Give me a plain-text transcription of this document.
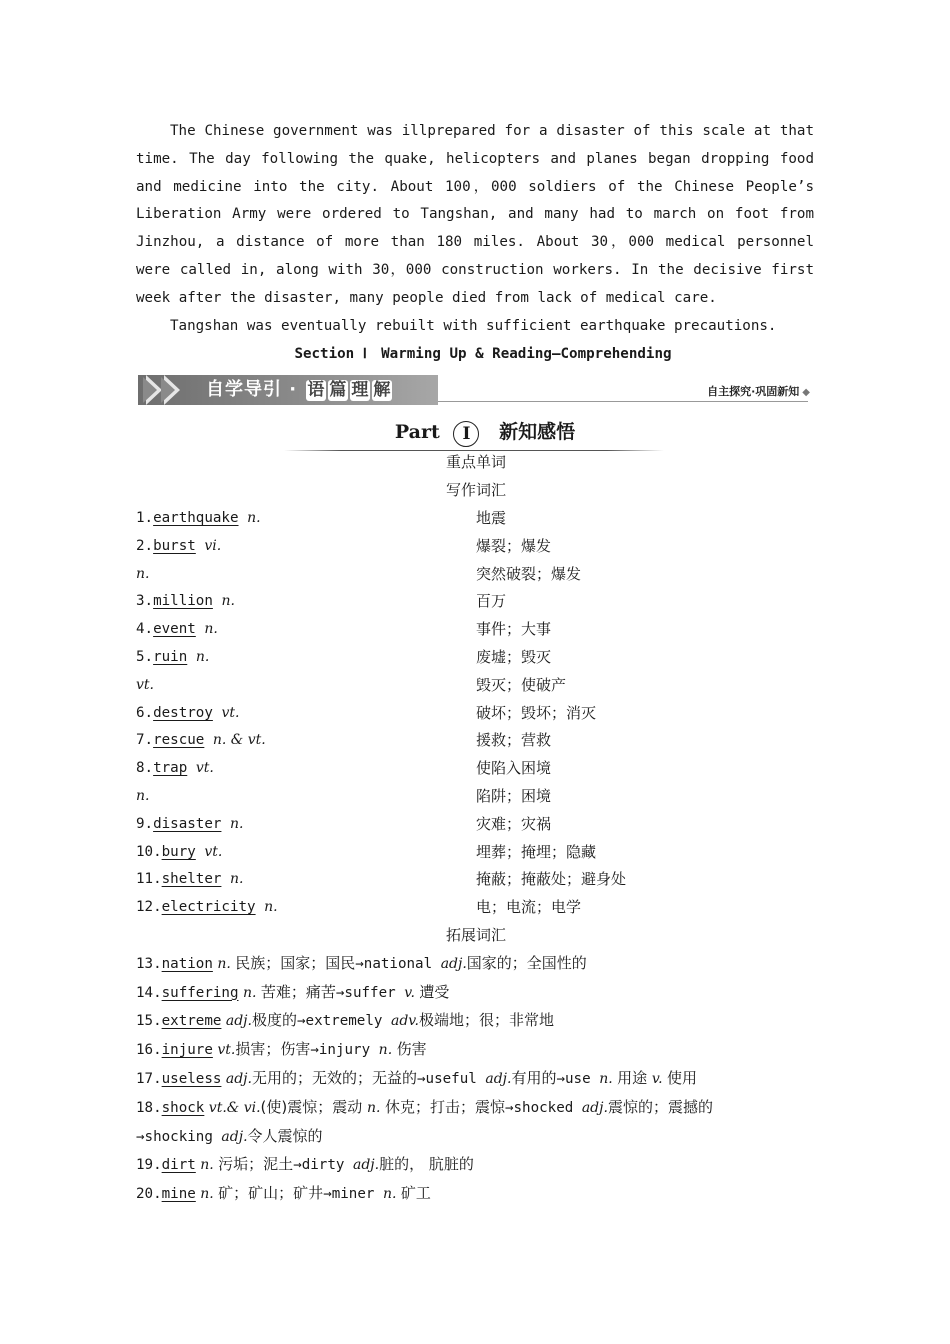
The Chinese government was illprepared for a disaster of this scale at that time. The day following the quake, helicopters and planes began dropping food and medicine into the city. About 100，000 soldiers of the Chinese People’s Liberation Army were ordered to Tangshan, and many had to march on foot from Jinzhou, a distance of more than 180 miles. About 30，000 medical personnel were called in, along with 30，000 construction workers. In the decisive first week after the disaster, many people died from lack of medical care.

Tangshan was eventually rebuilt with sufficient earthquake precautions.

Section Ⅰ　Warming Up & Reading—Comprehending
自学导引 · 语 篇 理 解	自主探究·巩固新知 ◆
Part Ⅰ 新知感悟
重点单词
写作词汇
1.earthquake n.	地震
2.burst vi.	爆裂；爆发
n.	突然破裂；爆发
3.million n.	百万
4.event n.	事件；大事
5.ruin n.	废墟；毁灭
vt.	毁灭；使破产
6.destroy vt.	破坏；毁坏；消灭
7.rescue n. & vt.	援救；营救
8.trap vt.	使陷入困境
n.	陷阱；困境
9.disaster n.	灾难；灾祸
10.bury vt.	埋葬；掩埋；隐藏
11.shelter n.	掩蔽；掩蔽处；避身处
12.electricity n.	电；电流；电学
拓展词汇
13.nation n. 民族；国家；国民→national adj.国家的；全国性的
14.suffering n. 苦难；痛苦→suffer v. 遭受
15.extreme adj.极度的→extremely adv.极端地；很；非常地
16.injure vt.损害；伤害→injury n. 伤害
17.useless adj.无用的；无效的；无益的→useful adj.有用的→use n. 用途 v. 使用
18.shock vt.& vi.(使)震惊；震动 n. 休克；打击；震惊→shocked adj.震惊的；震撼的→shocking adj.令人震惊的
19.dirt n. 污垢；泥土→dirty adj.脏的， 肮脏的
20.mine n. 矿；矿山；矿井→miner n. 矿工
